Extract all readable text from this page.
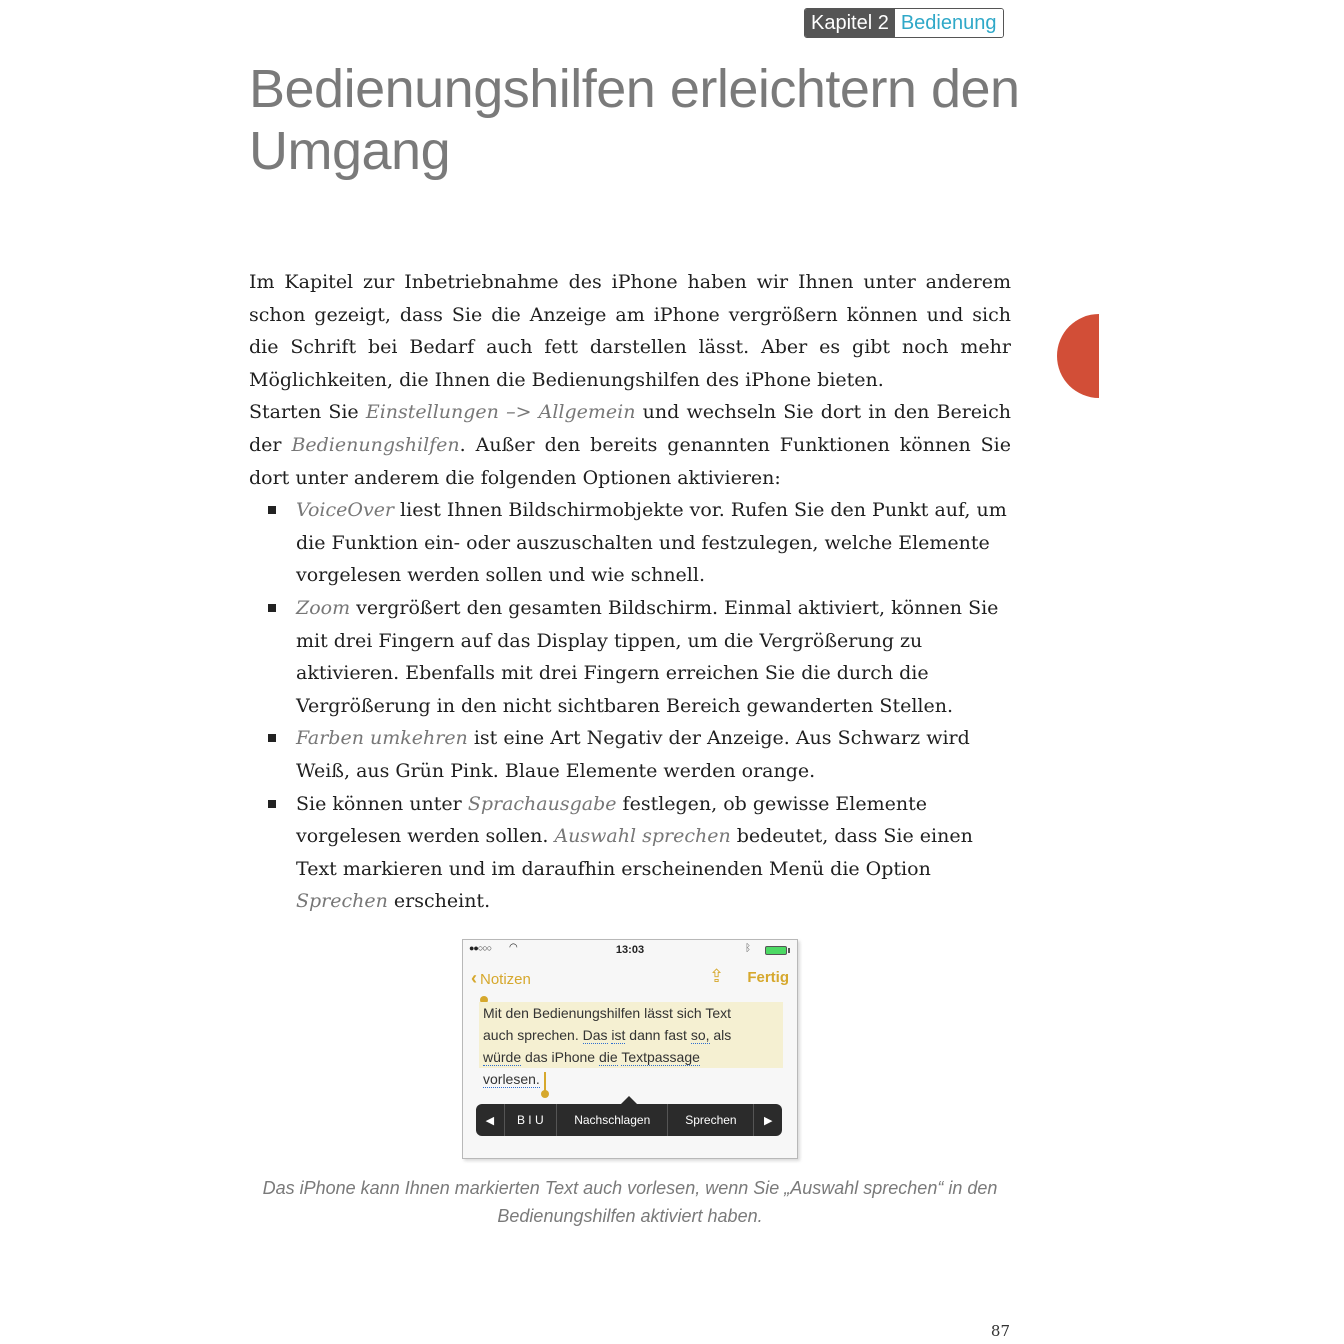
Kapitel 2 Bedienung
Bedienungshilfen erleichtern den
Umgang

Im Kapitel zur Inbetriebnahme des iPhone haben wir Ihnen unter anderem schon gezeigt, dass Sie die Anzeige am iPhone vergrößern können und sich die Schrift bei Bedarf auch fett darstellen lässt. Aber es gibt noch mehr Möglichkeiten, die Ihnen die Bedienungshilfen des iPhone bieten.

Starten Sie Einstellungen –> Allgemein und wechseln Sie dort in den Bereich der Bedienungshilfen. Außer den bereits genannten Funktionen können Sie dort unter anderem die folgenden Optionen aktivieren:

VoiceOver liest Ihnen Bildschirmobjekte vor. Rufen Sie den Punkt auf, um die Funktion ein- oder auszuschalten und festzulegen, welche Elemente vorgelesen werden sollen und wie schnell.
Zoom vergrößert den gesamten Bildschirm. Einmal aktiviert, können Sie mit drei Fingern auf das Display tippen, um die Vergrößerung zu aktivieren. Ebenfalls mit drei Fingern erreichen Sie die durch die Vergrößerung in den nicht sichtbaren Bereich gewanderten Stellen.
Farben umkehren ist eine Art Negativ der Anzeige. Aus Schwarz wird Weiß, aus Grün Pink. Blaue Elemente werden orange.
Sie können unter Sprachausgabe festlegen, ob gewisse Elemente vorgelesen werden sollen. Auswahl sprechen bedeutet, dass Sie einen Text markieren und im daraufhin erscheinenden Menü die Option Sprechen erscheint.
●●○○○ ◠	13:03	ᛒ
‹ Notizen	⇪ Fertig
Mit den Bedienungshilfen lässt sich Text
auch sprechen. Das ist dann fast so, als
würde das iPhone die Textpassage
vorlesen.
◀	B I U	Nachschlagen	Sprechen	▶
Das iPhone kann Ihnen markierten Text auch vorlesen, wenn Sie „Auswahl sprechen“ in den
Bedienungshilfen aktiviert haben.
87
